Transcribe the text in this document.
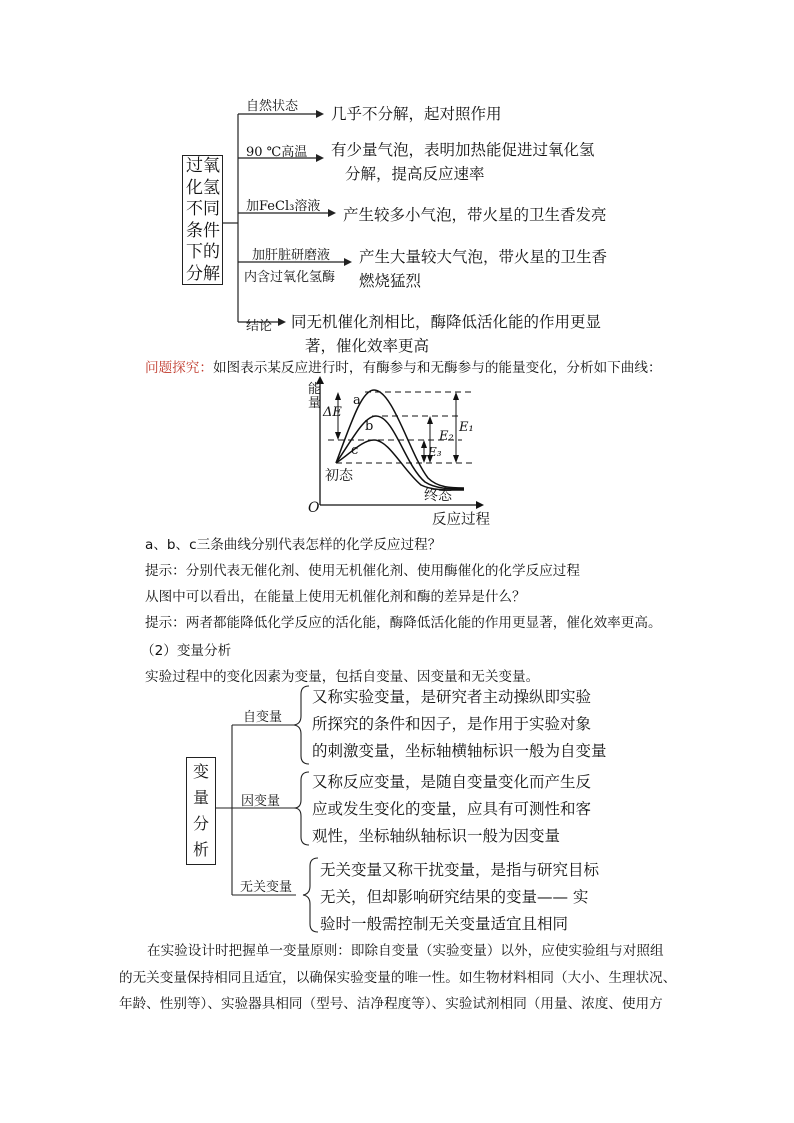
过氧化氢不同条件下的分解
自然状态 几乎不分解，起对照作用
90 ℃高温 有少量气泡，表明加热能促进过氧化氢
分解，提高反应速率
加FeCl₃溶液 产生较多小气泡，带火星的卫生香发亮
加肝脏研磨液
内含过氧化氢酶
产生大量较大气泡，带火星的卫生香
燃烧猛烈
结论 同无机催化剂相比，酶降低活化能的作用更显
著，催化效率更高
问题探究：如图表示某反应进行时，有酶参与和无酶参与的能量变化，分析如下曲线：
能量
反应过程
O
初态
终态
a
b
c
ΔE
E₁
E₂
E₃
a、b、c三条曲线分别代表怎样的化学反应过程？
提示：分别代表无催化剂、使用无机催化剂、使用酶催化的化学反应过程
从图中可以看出，在能量上使用无机催化剂和酶的差异是什么？
提示：两者都能降低化学反应的活化能，酶降低活化能的作用更显著，催化效率更高。
（2）变量分析
实验过程中的变化因素为变量，包括自变量、因变量和无关变量。
变量分析
自变量
又称实验变量，是研究者主动操纵即实验
所探究的条件和因子，是作用于实验对象
的刺激变量，坐标轴横轴标识一般为自变量
因变量
又称反应变量，是随自变量变化而产生反
应或发生变化的变量，应具有可测性和客
观性，坐标轴纵轴标识一般为因变量
无关变量
无关变量又称干扰变量，是指与研究目标
无关，但却影响研究结果的变量—— 实
验时一般需控制无关变量适宜且相同
在实验设计时把握单一变量原则：即除自变量（实验变量）以外，应使实验组与对照组
的无关变量保持相同且适宜，以确保实验变量的唯一性。如生物材料相同（大小、生理状况、
年龄、性别等）、实验器具相同（型号、洁净程度等）、实验试剂相同（用量、浓度、使用方
